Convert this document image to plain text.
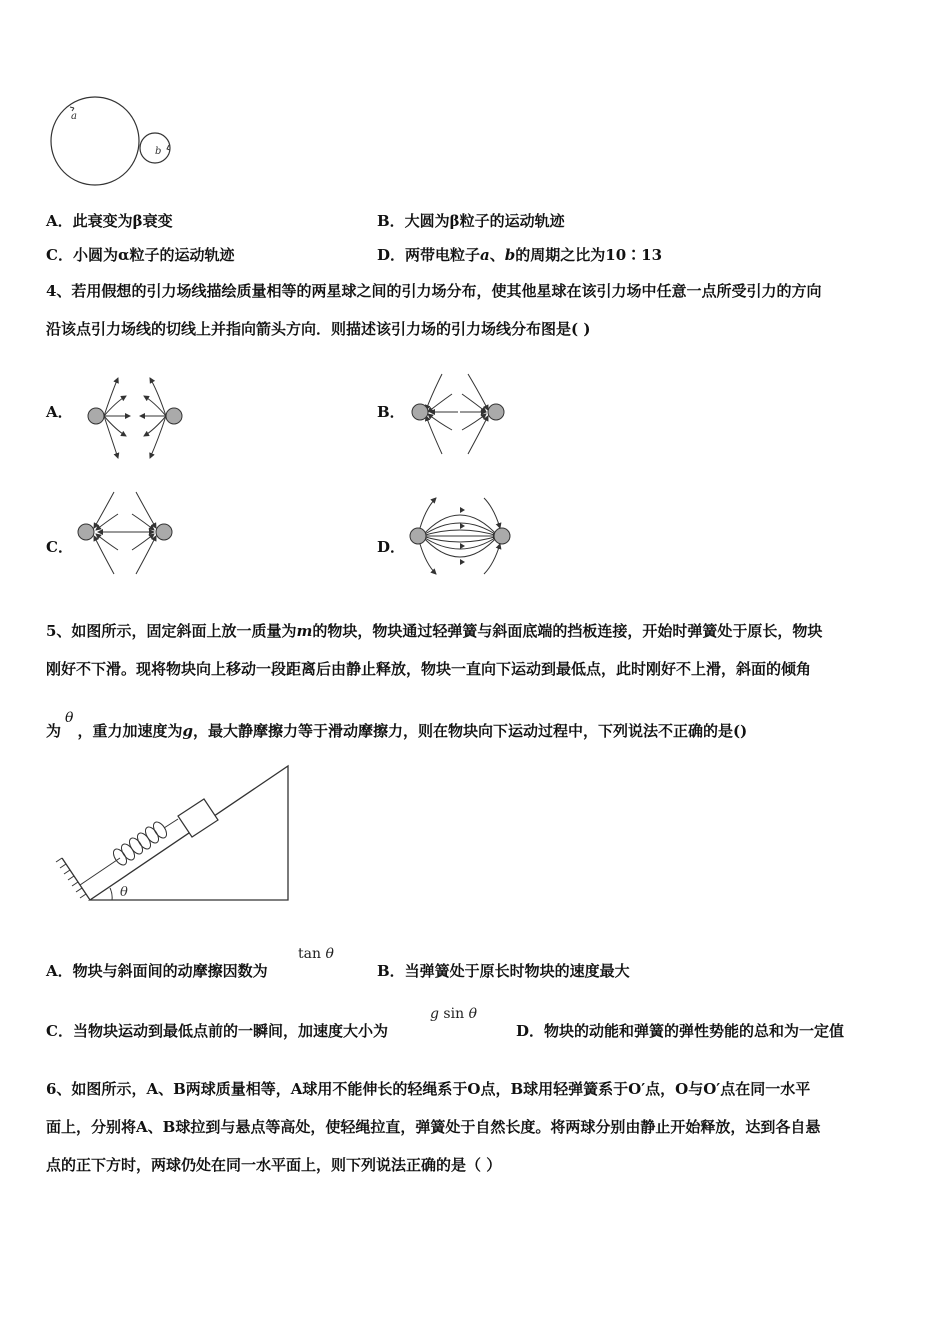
a
b
A．此衰变为β衰变	B．大圆为β粒子的运动轨迹
C．小圆为α粒子的运动轨迹	D．两带电粒子a、b的周期之比为10∶13
4、若用假想的引力场线描绘质量相等的两星球之间的引力场分布，使其他星球在该引力场中任意一点所受引力的方向
沿该点引力场线的切线上并指向箭头方向．则描述该引力场的引力场线分布图是( )
A．	B．
C．	D．
5、如图所示，固定斜面上放一质量为m的物块，物块通过轻弹簧与斜面底端的挡板连接，开始时弹簧处于原长，物块
刚好不下滑。现将物块向上移动一段距离后由静止释放，物块一直向下运动到最低点，此时刚好不上滑，斜面的倾角
为θ，重力加速度为g，最大静摩擦力等于滑动摩擦力，则在物块向下运动过程中，下列说法不正确的是()
θ
A．物块与斜面间的动摩擦因数为
tan θ
B．当弹簧处于原长时物块的速度最大
C．当物块运动到最低点前的一瞬间，加速度大小为
g sin θ
D．物块的动能和弹簧的弹性势能的总和为一定值
6、如图所示，A、B两球质量相等，A球用不能伸长的轻绳系于O点，B球用轻弹簧系于O′点，O与O′点在同一水平
面上，分别将A、B球拉到与悬点等高处，使轻绳拉直，弹簧处于自然长度。将两球分别由静止开始释放，达到各自悬
点的正下方时，两球仍处在同一水平面上，则下列说法正确的是（ ）
